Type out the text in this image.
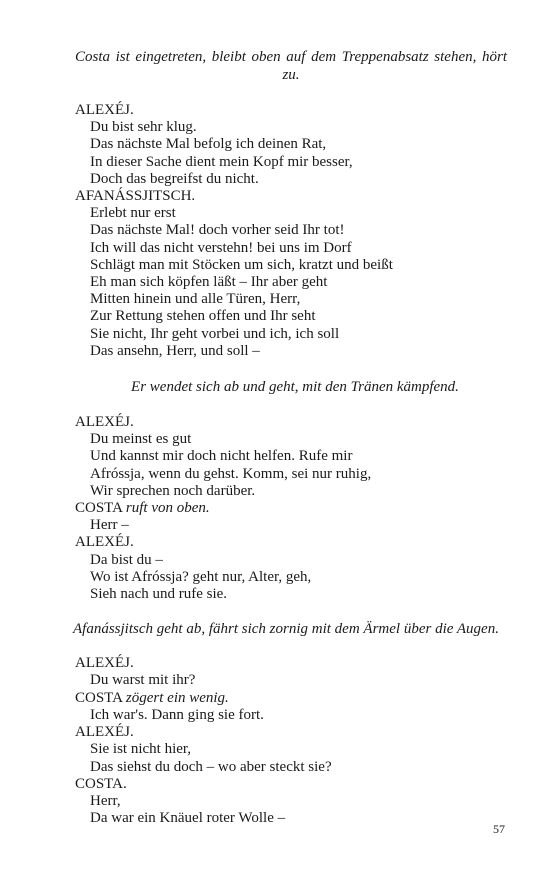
Costa ist eingetreten, bleibt oben auf dem Treppenabsatz stehen, hört zu.

ALEXÉJ.

Du bist sehr klug.

Das nächste Mal befolg ich deinen Rat,

In dieser Sache dient mein Kopf mir besser,

Doch das begreifst du nicht.

AFANÁSSJITSCH.

Erlebt nur erst

Das nächste Mal! doch vorher seid Ihr tot!

Ich will das nicht verstehn! bei uns im Dorf

Schlägt man mit Stöcken um sich, kratzt und beißt

Eh man sich köpfen läßt – Ihr aber geht

Mitten hinein und alle Türen, Herr,

Zur Rettung stehen offen und Ihr seht

Sie nicht, Ihr geht vorbei und ich, ich soll

Das ansehn, Herr, und soll –

Er wendet sich ab und geht, mit den Tränen kämpfend.

ALEXÉJ.

Du meinst es gut

Und kannst mir doch nicht helfen. Rufe mir

Afróssja, wenn du gehst. Komm, sei nur ruhig,

Wir sprechen noch darüber.

COSTA ruft von oben.

Herr –

ALEXÉJ.

Da bist du –

Wo ist Afróssja? geht nur, Alter, geh,

Sieh nach und rufe sie.

Afanássjitsch geht ab, fährt sich zornig mit dem Ärmel über die Augen.

ALEXÉJ.

Du warst mit ihr?

COSTA zögert ein wenig.

Ich war's. Dann ging sie fort.

ALEXÉJ.

Sie ist nicht hier,

Das siehst du doch – wo aber steckt sie?

COSTA.

Herr,

Da war ein Knäuel roter Wolle –

57
